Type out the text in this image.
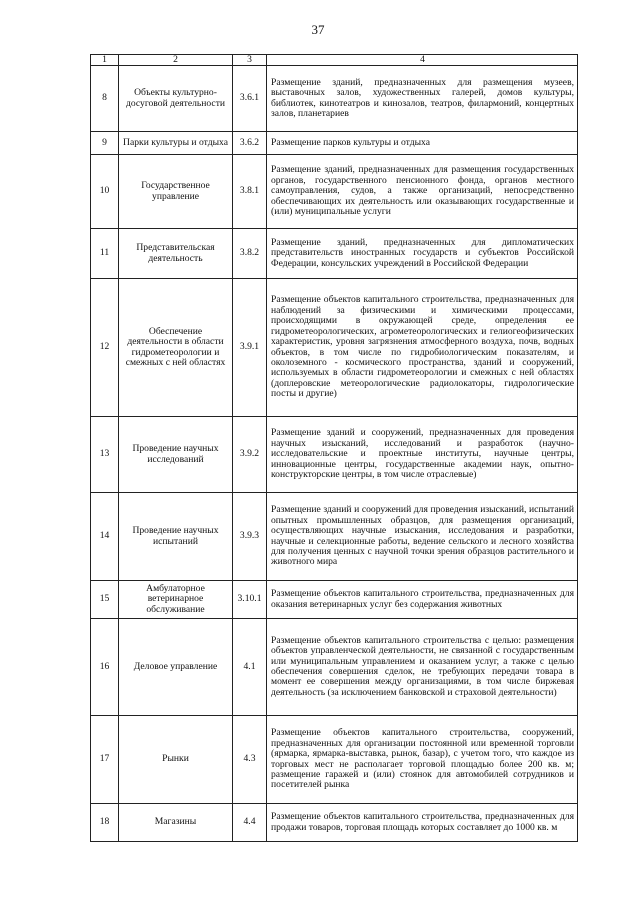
37
1	2	3	4
8	Объекты культурно-досуговой деятельности	3.6.1	Размещение зданий, предназначенных для размещения музеев, выставочных залов, художественных галерей, домов культуры, библиотек, кинотеатров и кинозалов, театров, филармоний, концертных залов, планетариев
9	Парки культуры и отдыха	3.6.2	Размещение парков культуры и отдыха
10	Государственное управление	3.8.1	Размещение зданий, предназначенных для размещения государственных органов, государственного пенсионного фонда, органов местного самоуправления, судов, а также организаций, непосредственно обеспечивающих их деятельность или оказывающих государственные и (или) муниципальные услуги
11	Представительская деятельность	3.8.2	Размещение зданий, предназначенных для дипломатических представительств иностранных государств и субъектов Российской Федерации, консульских учреждений в Российской Федерации
12	Обеспечение деятельности в области гидрометеорологии и смежных с ней областях	3.9.1	Размещение объектов капитального строительства, предназначенных для наблюдений за физическими и химическими процессами, происходящими в окружающей среде, определения ее гидрометеорологических, агрометеорологических и гелиогеофизических характеристик, уровня загрязнения атмосферного воздуха, почв, водных объектов, в том числе по гидробиологическим показателям, и околоземного - космического пространства, зданий и сооружений, используемых в области гидрометеорологии и смежных с ней областях (доплеровские метеорологические радиолокаторы, гидрологические посты и другие)
13	Проведение научных исследований	3.9.2	Размещение зданий и сооружений, предназначенных для проведения научных изысканий, исследований и разработок (научно-исследовательские и проектные институты, научные центры, инновационные центры, государственные академии наук, опытно-конструкторские центры, в том числе отраслевые)
14	Проведение научных испытаний	3.9.3	Размещение зданий и сооружений для проведения изысканий, испытаний опытных промышленных образцов, для размещения организаций, осуществляющих научные изыскания, исследования и разработки, научные и селекционные работы, ведение сельского и лесного хозяйства для получения ценных с научной точки зрения образцов растительного и животного мира
15	Амбулаторное ветеринарное обслуживание	3.10.1	Размещение объектов капитального строительства, предназначенных для оказания ветеринарных услуг без содержания животных
16	Деловое управление	4.1	Размещение объектов капитального строительства с целью: размещения объектов управленческой деятельности, не связанной с государственным или муниципальным управлением и оказанием услуг, а также с целью обеспечения совершения сделок, не требующих передачи товара в момент ее совершения между организациями, в том числе биржевая деятельность (за исключением банковской и страховой деятельности)
17	Рынки	4.3	Размещение объектов капитального строительства, сооружений, предназначенных для организации постоянной или временной торговли (ярмарка, ярмарка-выставка, рынок, базар), с учетом того, что каждое из торговых мест не располагает торговой площадью более 200 кв. м; размещение гаражей и (или) стоянок для автомобилей сотрудников и посетителей рынка
18	Магазины	4.4	Размещение объектов капитального строительства, предназначенных для продажи товаров, торговая площадь которых составляет до 1000 кв. м
